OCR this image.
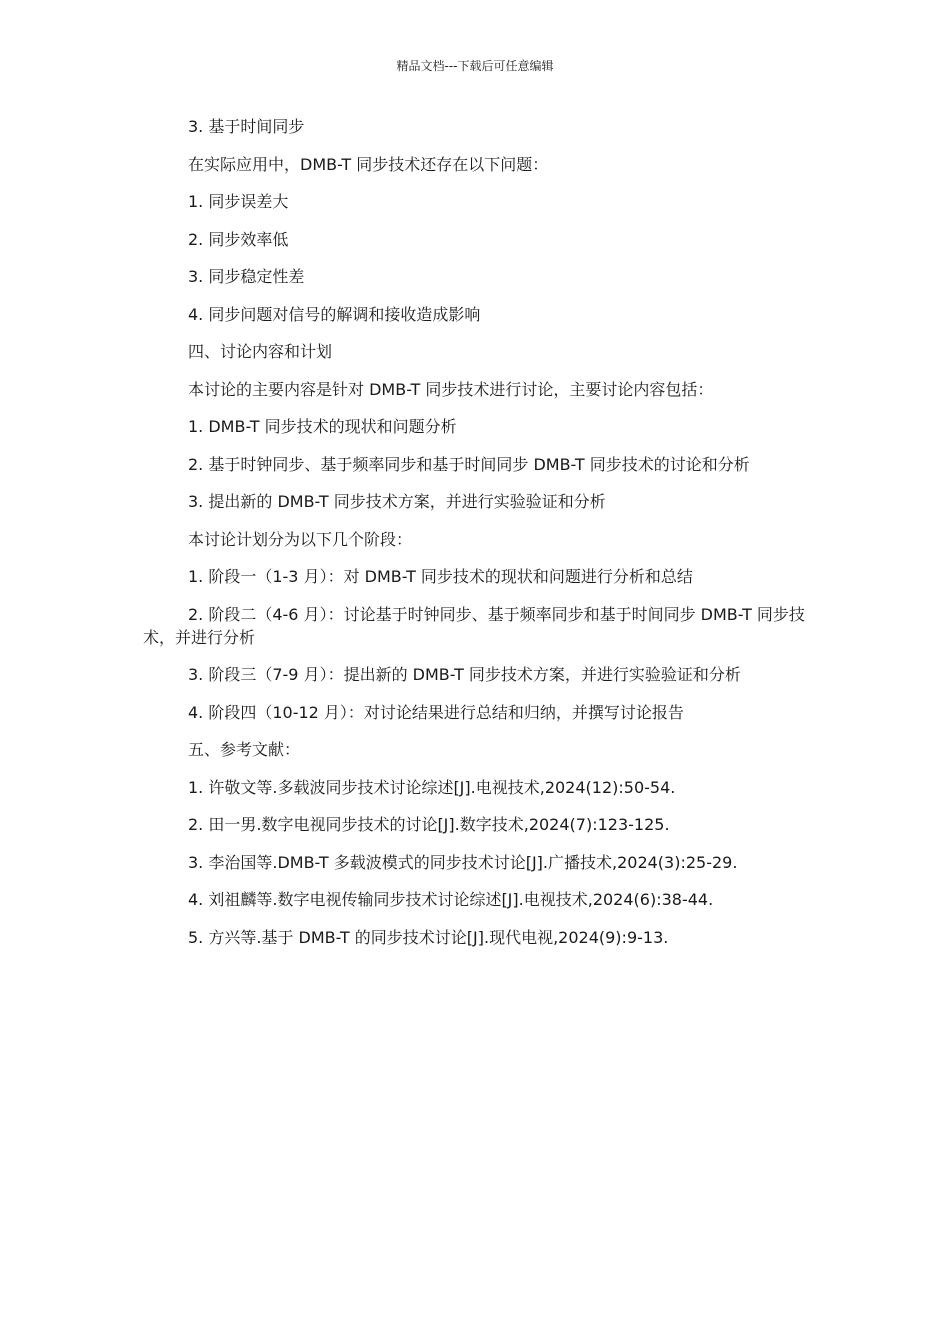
精品文档---下载后可任意编辑

3. 基于时间同步

在实际应用中，DMB-T 同步技术还存在以下问题：

1. 同步误差大

2. 同步效率低

3. 同步稳定性差

4. 同步问题对信号的解调和接收造成影响

四、讨论内容和计划

本讨论的主要内容是针对 DMB-T 同步技术进行讨论，主要讨论内容包括：

1. DMB-T 同步技术的现状和问题分析

2. 基于时钟同步、基于频率同步和基于时间同步 DMB-T 同步技术的讨论和分析

3. 提出新的 DMB-T 同步技术方案，并进行实验验证和分析

本讨论计划分为以下几个阶段：

1. 阶段一（1-3 月）：对 DMB-T 同步技术的现状和问题进行分析和总结

2. 阶段二（4-6 月）：讨论基于时钟同步、基于频率同步和基于时间同步 DMB-T 同步技术，并进行分析

3. 阶段三（7-9 月）：提出新的 DMB-T 同步技术方案，并进行实验验证和分析

4. 阶段四（10-12 月）：对讨论结果进行总结和归纳，并撰写讨论报告

五、参考文献：

1. 许敬文等.多载波同步技术讨论综述[J].电视技术,2024(12):50-54.

2. 田一男.数字电视同步技术的讨论[J].数字技术,2024(7):123-125.

3. 李治国等.DMB-T 多载波模式的同步技术讨论[J].广播技术,2024(3):25-29.

4. 刘祖麟等.数字电视传输同步技术讨论综述[J].电视技术,2024(6):38-44.

5. 方兴等.基于 DMB-T 的同步技术讨论[J].现代电视,2024(9):9-13.
